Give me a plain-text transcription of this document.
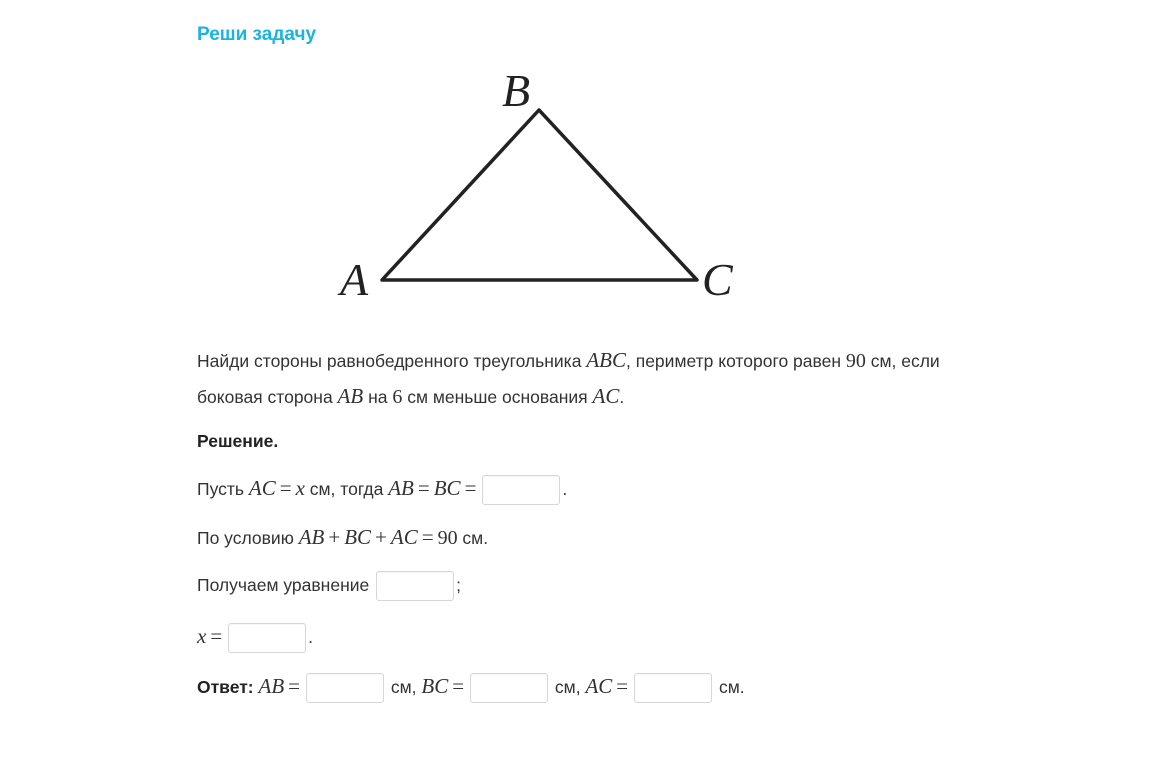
Реши задачу
A
B
C
Найди стороны равнобедренного треугольника ABC, периметр которого равен 90 см, если
боковая сторона AB на 6 см меньше основания AC.
Решение.
Пусть AC = x см, тогда AB = BC =	.
По условию AB + BC + AC = 90 см.
Получаем уравнение	;
x =	.
Ответ: AB =	см, BC =	см, AC =	см.
